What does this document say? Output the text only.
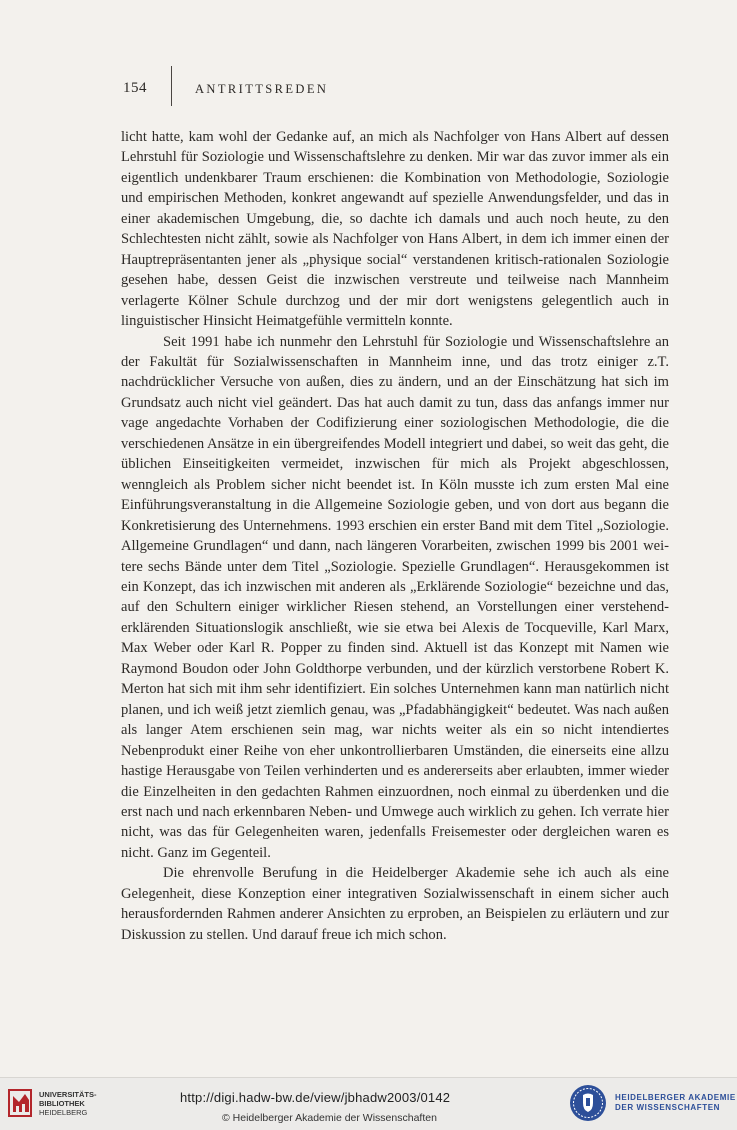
154	ANTRITTSREDEN

licht hatte, kam wohl der Gedanke auf, an mich als Nachfolger von Hans Albert auf dessen Lehrstuhl für Soziologie und Wissenschaftslehre zu denken. Mir war das zuvor immer als ein eigentlich undenkbarer Traum erschienen: die Kombination von Methodologie, Soziologie und empirischen Methoden, konkret angewandt auf spezielle Anwendungsfelder, und das in einer akademischen Umgebung, die, so dachte ich damals und auch noch heute, zu den Schlechtesten nicht zählt, sowie als Nachfolger von Hans Albert, in dem ich immer einen der Hauptrepräsentanten jener als „physique social“ verstandenen kritisch-rationalen Soziologie gesehen habe, dessen Geist die inzwischen verstreute und teilweise nach Mannheim verlagerte Kölner Schule durchzog und der mir dort wenigstens gelegentlich auch in linguistischer Hinsicht Heimatgefühle vermitteln konnte.

Seit 1991 habe ich nunmehr den Lehrstuhl für Soziologie und Wissenschaftslehre an der Fakultät für Sozialwissenschaften in Mannheim inne, und das trotz einiger z.T. nachdrücklicher Versuche von außen, dies zu ändern, und an der Einschätzung hat sich im Grundsatz auch nicht viel geändert. Das hat auch damit zu tun, dass das anfangs immer nur vage angedachte Vorhaben der Codifizierung einer soziologischen Methodologie, die die verschiedenen Ansätze in ein übergreifendes Modell integriert und dabei, so weit das geht, die üblichen Einseitigkeiten vermeidet, inzwischen für mich als Projekt abgeschlossen, wenngleich als Problem sicher nicht beendet ist. In Köln musste ich zum ersten Mal eine Einführungsveranstaltung in die Allgemeine Soziologie geben, und von dort aus begann die Konkretisierung des Unternehmens. 1993 erschien ein erster Band mit dem Titel „Soziologie. Allgemeine Grundlagen“ und dann, nach längeren Vorarbeiten, zwischen 1999 bis 2001 weitere sechs Bände unter dem Titel „Soziologie. Spezielle Grundlagen“. Herausgekommen ist ein Konzept, das ich inzwischen mit anderen als „Erklärende Soziologie“ bezeichne und das, auf den Schultern einiger wirklicher Riesen stehend, an Vorstellungen einer verstehend-erklärenden Situationslogik anschließt, wie sie etwa bei Alexis de Tocqueville, Karl Marx, Max Weber oder Karl R. Popper zu finden sind. Aktuell ist das Konzept mit Namen wie Raymond Boudon oder John Goldthorpe verbunden, und der kürzlich verstorbene Robert K. Merton hat sich mit ihm sehr identifiziert. Ein solches Unternehmen kann man natürlich nicht planen, und ich weiß jetzt ziemlich genau, was „Pfadabhängigkeit“ bedeutet. Was nach außen als langer Atem erschienen sein mag, war nichts weiter als ein so nicht intendiertes Nebenprodukt einer Reihe von eher unkontrollierbaren Umständen, die einerseits eine allzu hastige Herausgabe von Teilen verhinderten und es andererseits aber erlaubten, immer wieder die Einzelheiten in den gedachten Rahmen einzuordnen, noch einmal zu überdenken und die erst nach und nach erkennbaren Neben- und Umwege auch wirklich zu gehen. Ich verrate hier nicht, was das für Gelegenheiten waren, jedenfalls Freisemester oder dergleichen waren es nicht. Ganz im Gegenteil.

Die ehrenvolle Berufung in die Heidelberger Akademie sehe ich auch als eine Gelegenheit, diese Konzeption einer integrativen Sozialwissenschaft in einem sicher auch herausfordernden Rahmen anderer Ansichten zu erproben, an Beispielen zu erläutern und zur Diskussion zu stellen. Und darauf freue ich mich schon.

UNIVERSITÄTS-
BIBLIOTHEK
HEIDELBERG
http://digi.hadw-bw.de/view/jbhadw2003/0142
© Heidelberger Akademie der Wissenschaften
HEIDELBERGER AKADEMIE
DER WISSENSCHAFTEN
